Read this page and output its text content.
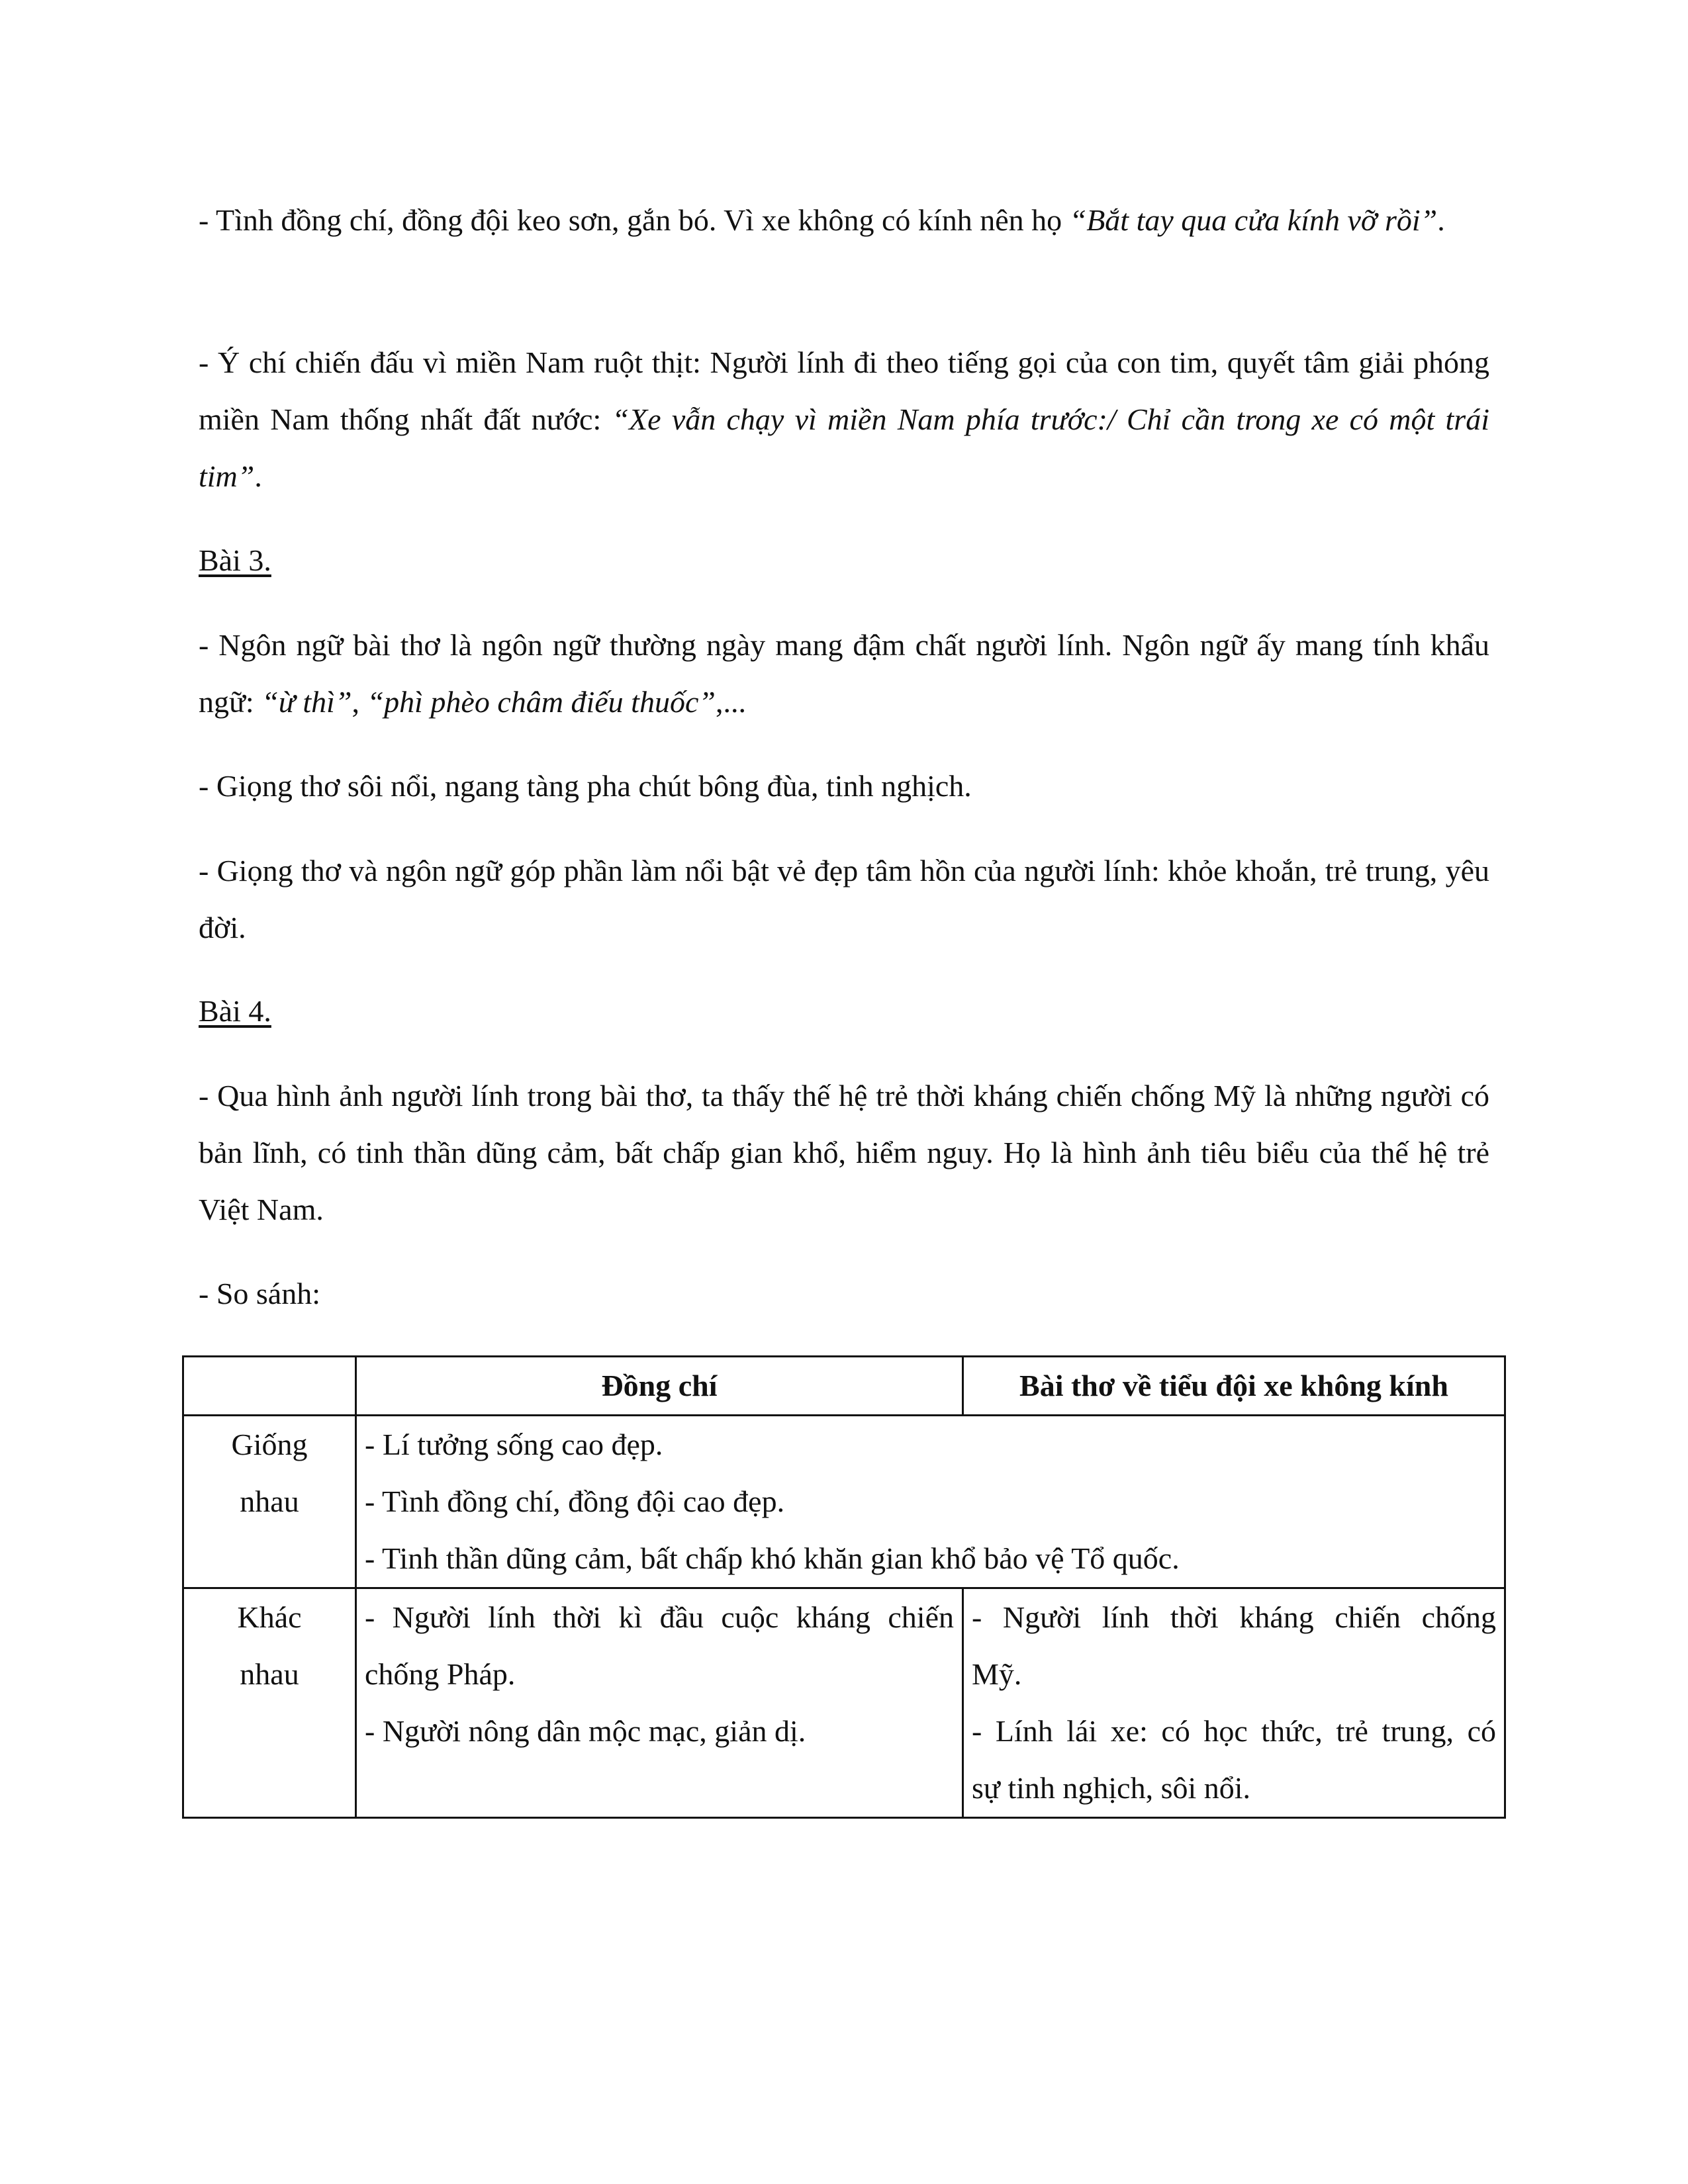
- Tình đồng chí, đồng đội keo sơn, gắn bó. Vì xe không có kính nên họ “Bắt tay qua cửa kính vỡ rồi”.

- Ý chí chiến đấu vì miền Nam ruột thịt: Người lính đi theo tiếng gọi của con tim, quyết tâm giải phóng miền Nam thống nhất đất nước: “Xe vẫn chạy vì miền Nam phía trước:/ Chỉ cần trong xe có một trái tim”.

Bài 3.

- Ngôn ngữ bài thơ là ngôn ngữ thường ngày mang đậm chất người lính. Ngôn ngữ ấy mang tính khẩu ngữ: “ừ thì”, “phì phèo châm điếu thuốc”,...

- Giọng thơ sôi nổi, ngang tàng pha chút bông đùa, tinh nghịch.

- Giọng thơ và ngôn ngữ góp phần làm nổi bật vẻ đẹp tâm hồn của người lính: khỏe khoắn, trẻ trung, yêu đời.

Bài 4.

- Qua hình ảnh người lính trong bài thơ, ta thấy thế hệ trẻ thời kháng chiến chống Mỹ là những người có bản lĩnh, có tinh thần dũng cảm, bất chấp gian khổ, hiểm nguy. Họ là hình ảnh tiêu biểu của thế hệ trẻ Việt Nam.

- So sánh:

	Đồng chí	Bài thơ về tiểu đội xe không kính

Giống
nhau	- Lí tưởng sống cao đẹp.
- Tình đồng chí, đồng đội cao đẹp.
- Tinh thần dũng cảm, bất chấp khó khăn gian khổ bảo vệ Tổ quốc.	

Khác
nhau	- Người lính thời kì đầu cuộc kháng chiến
chống Pháp.
- Người nông dân mộc mạc, giản dị.	- Người lính thời kháng chiến chống
Mỹ.
- Lính lái xe: có học thức, trẻ trung, có
sự tinh nghịch, sôi nổi.
